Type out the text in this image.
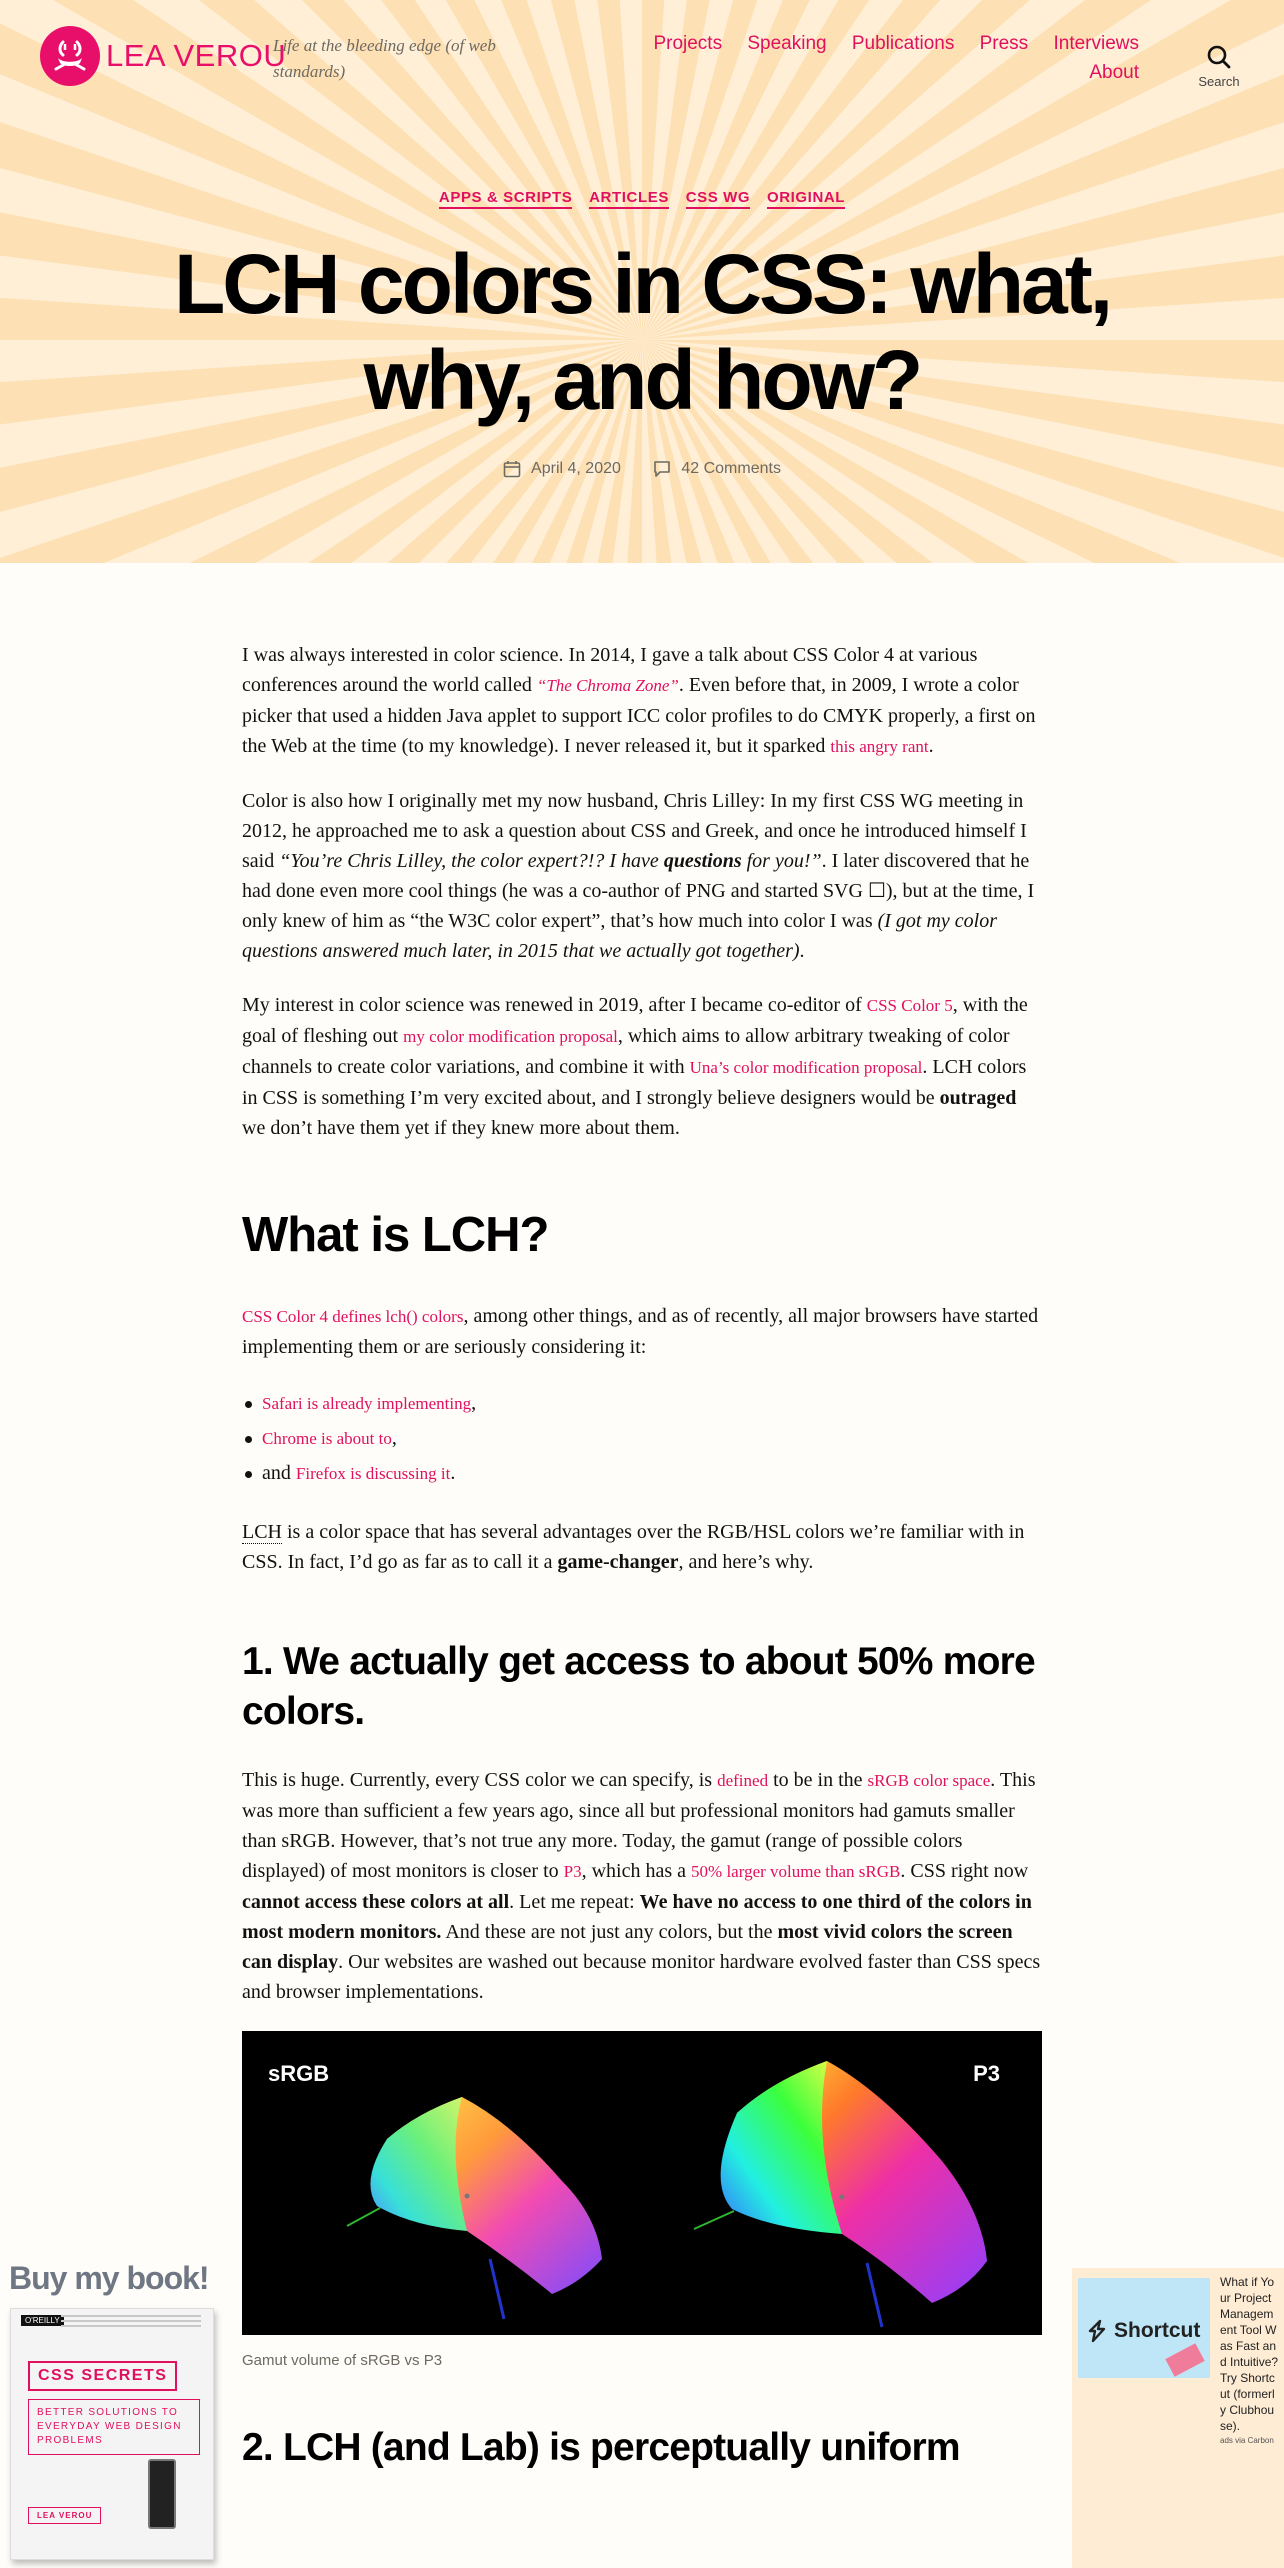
LEA VEROU
Life at the bleeding edge (of web standards)
Projects Speaking Publications Press Interviews
About	Search
APPS & SCRIPTS ARTICLES CSS WG ORIGINAL
LCH colors in CSS: what, why, and how?
April 4, 2020
	42 Comments

I was always interested in color science. In 2014, I gave a talk about CSS Color 4 at various conferences around the world called “The Chroma Zone”. Even before that, in 2009, I wrote a color picker that used a hidden Java applet to support ICC color profiles to do CMYK properly, a first on the Web at the time (to my knowledge). I never released it, but it sparked this angry rant.

Color is also how I originally met my now husband, Chris Lilley: In my first CSS WG meeting in 2012, he approached me to ask a question about CSS and Greek, and once he introduced himself I said “You’re Chris Lilley, the color expert?!? I have questions for you!”. I later discovered that he had done even more cool things (he was a co-author of PNG and started SVG ☐), but at the time, I only knew of him as “the W3C color expert”, that’s how much into color I was (I got my color questions answered much later, in 2015 that we actually got together).

My interest in color science was renewed in 2019, after I became co-editor of CSS Color 5, with the goal of fleshing out my color modification proposal, which aims to allow arbitrary tweaking of color channels to create color variations, and combine it with Una’s color modification proposal. LCH colors in CSS is something I’m very excited about, and I strongly believe designers would be outraged we don’t have them yet if they knew more about them.

What is LCH?

CSS Color 4 defines lch() colors, among other things, and as of recently, all major browsers have started implementing them or are seriously considering it:

Safari is already implementing,
Chrome is about to,
and Firefox is discussing it.

LCH is a color space that has several advantages over the RGB/HSL colors we’re familiar with in CSS. In fact, I’d go as far as to call it a game-changer, and here’s why.

1. We actually get access to about 50% more colors.

This is huge. Currently, every CSS color we can specify, is defined to be in the sRGB color space. This was more than sufficient a few years ago, since all but professional monitors had gamuts smaller than sRGB. However, that’s not true any more. Today, the gamut (range of possible colors displayed) of most monitors is closer to P3, which has a 50% larger volume than sRGB. CSS right now cannot access these colors at all. Let me repeat: We have no access to one third of the colors in most modern monitors. And these are not just any colors, but the most vivid colors the screen can display. Our websites are washed out because monitor hardware evolved faster than CSS specs and browser implementations.

sRGB	P3
Gamut volume of sRGB vs P3
2. LCH (and Lab) is perceptually uniform
Buy my book!
O'REILLY
CSS SECRETS
BETTER SOLUTIONS TO EVERYDAY WEB DESIGN PROBLEMS
LEA VEROU
Shortcut
What if Your Project Management Tool Was Fast and Intuitive? Try Shortcut (formerly Clubhouse).
ads via Carbon
